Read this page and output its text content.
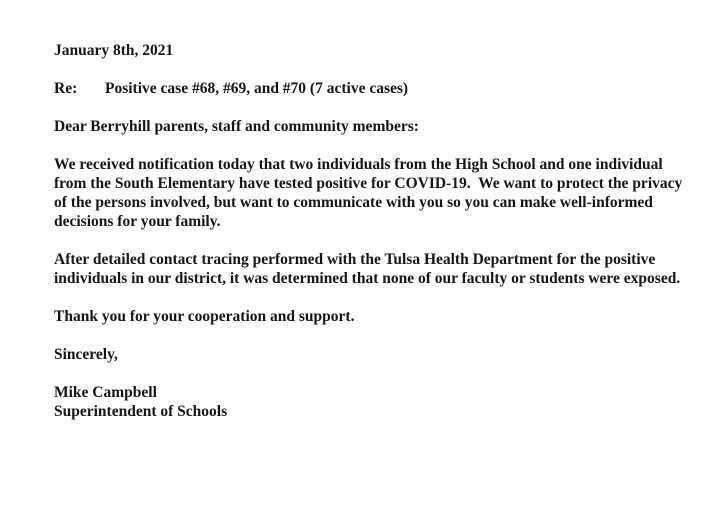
January 8th, 2021

Re: Positive case #68, #69, and #70 (7 active cases)

Dear Berryhill parents, staff and community members:

We received notification today that two individuals from the High School and one individual from the South Elementary have tested positive for COVID-19.  We want to protect the privacy of the persons involved, but want to communicate with you so you can make well-informed decisions for your family.

After detailed contact tracing performed with the Tulsa Health Department for the positive individuals in our district, it was determined that none of our faculty or students were exposed.

Thank you for your cooperation and support.

Sincerely,

Mike Campbell

Superintendent of Schools
